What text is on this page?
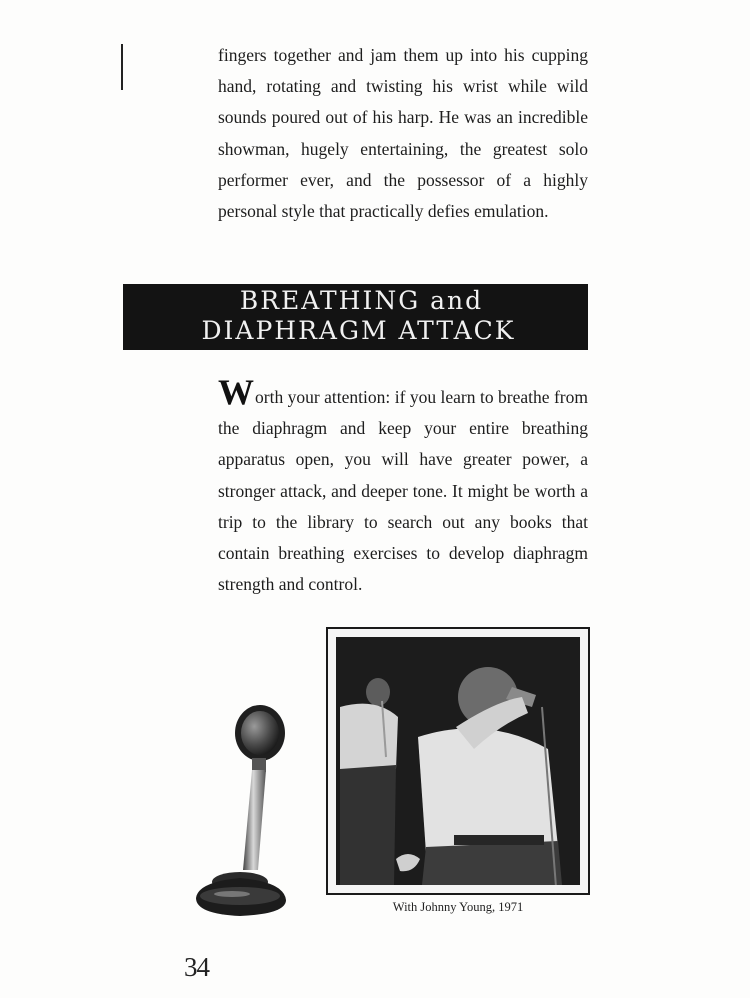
fingers together and jam them up into his cupping hand, rotating and twisting his wrist while wild sounds poured out of his harp. He was an incredible showman, hugely entertaining, the greatest solo performer ever, and the possessor of a highly personal style that practically defies emulation.

BREATHING and
DIAPHRAGM ATTACK

Worth your attention: if you learn to breathe from the diaphragm and keep your entire breathing apparatus open, you will have greater power, a stronger attack, and deeper tone. It might be worth a trip to the library to search out any books that contain breathing exercises to develop diaphragm strength and control.

With Johnny Young, 1971
34
